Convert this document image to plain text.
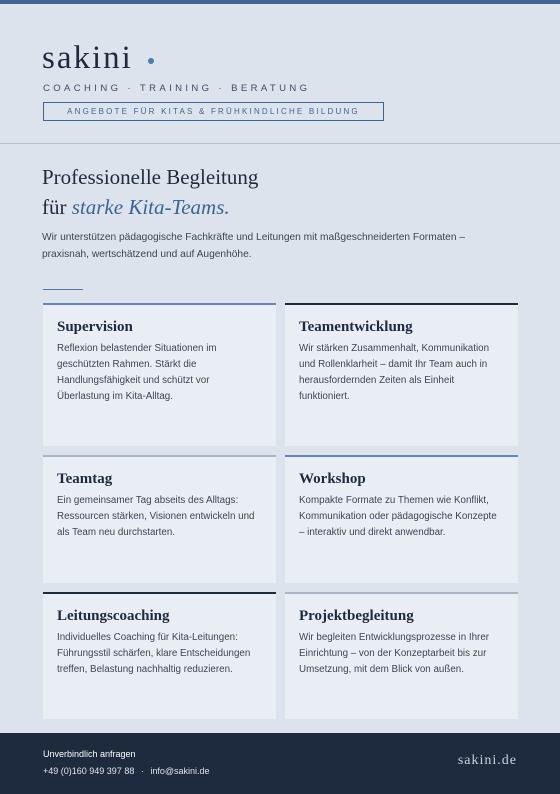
sakini
COACHING · TRAINING · BERATUNG
ANGEBOTE FÜR KITAS & FRÜHKINDLICHE BILDUNG
Professionelle Begleitung
für starke Kita-Teams.
Wir unterstützen pädagogische Fachkräfte und Leitungen mit maßgeschneiderten Formaten – praxisnah, wertschätzend und auf Augenhöhe.
Supervision

Reflexion belastender Situationen im geschützten Rahmen. Stärkt die Handlungsfähigkeit und schützt vor Überlastung im Kita-Alltag.

Teamentwicklung

Wir stärken Zusammenhalt, Kommunikation und Rollenklarheit – damit Ihr Team auch in herausfordernden Zeiten als Einheit funktioniert.

Teamtag

Ein gemeinsamer Tag abseits des Alltags: Ressourcen stärken, Visionen entwickeln und als Team neu durchstarten.

Workshop

Kompakte Formate zu Themen wie Konflikt, Kommunikation oder pädagogische Konzepte – interaktiv und direkt anwendbar.

Leitungscoaching

Individuelles Coaching für Kita-Leitungen: Führungsstil schärfen, klare Entscheidungen treffen, Belastung nachhaltig reduzieren.

Projektbegleitung

Wir begleiten Entwicklungsprozesse in Ihrer Einrichtung – von der Konzeptarbeit bis zur Umsetzung, mit dem Blick von außen.

Unverbindlich anfragen
+49 (0)160 949 397 88 · info@sakini.de
sakini.de
